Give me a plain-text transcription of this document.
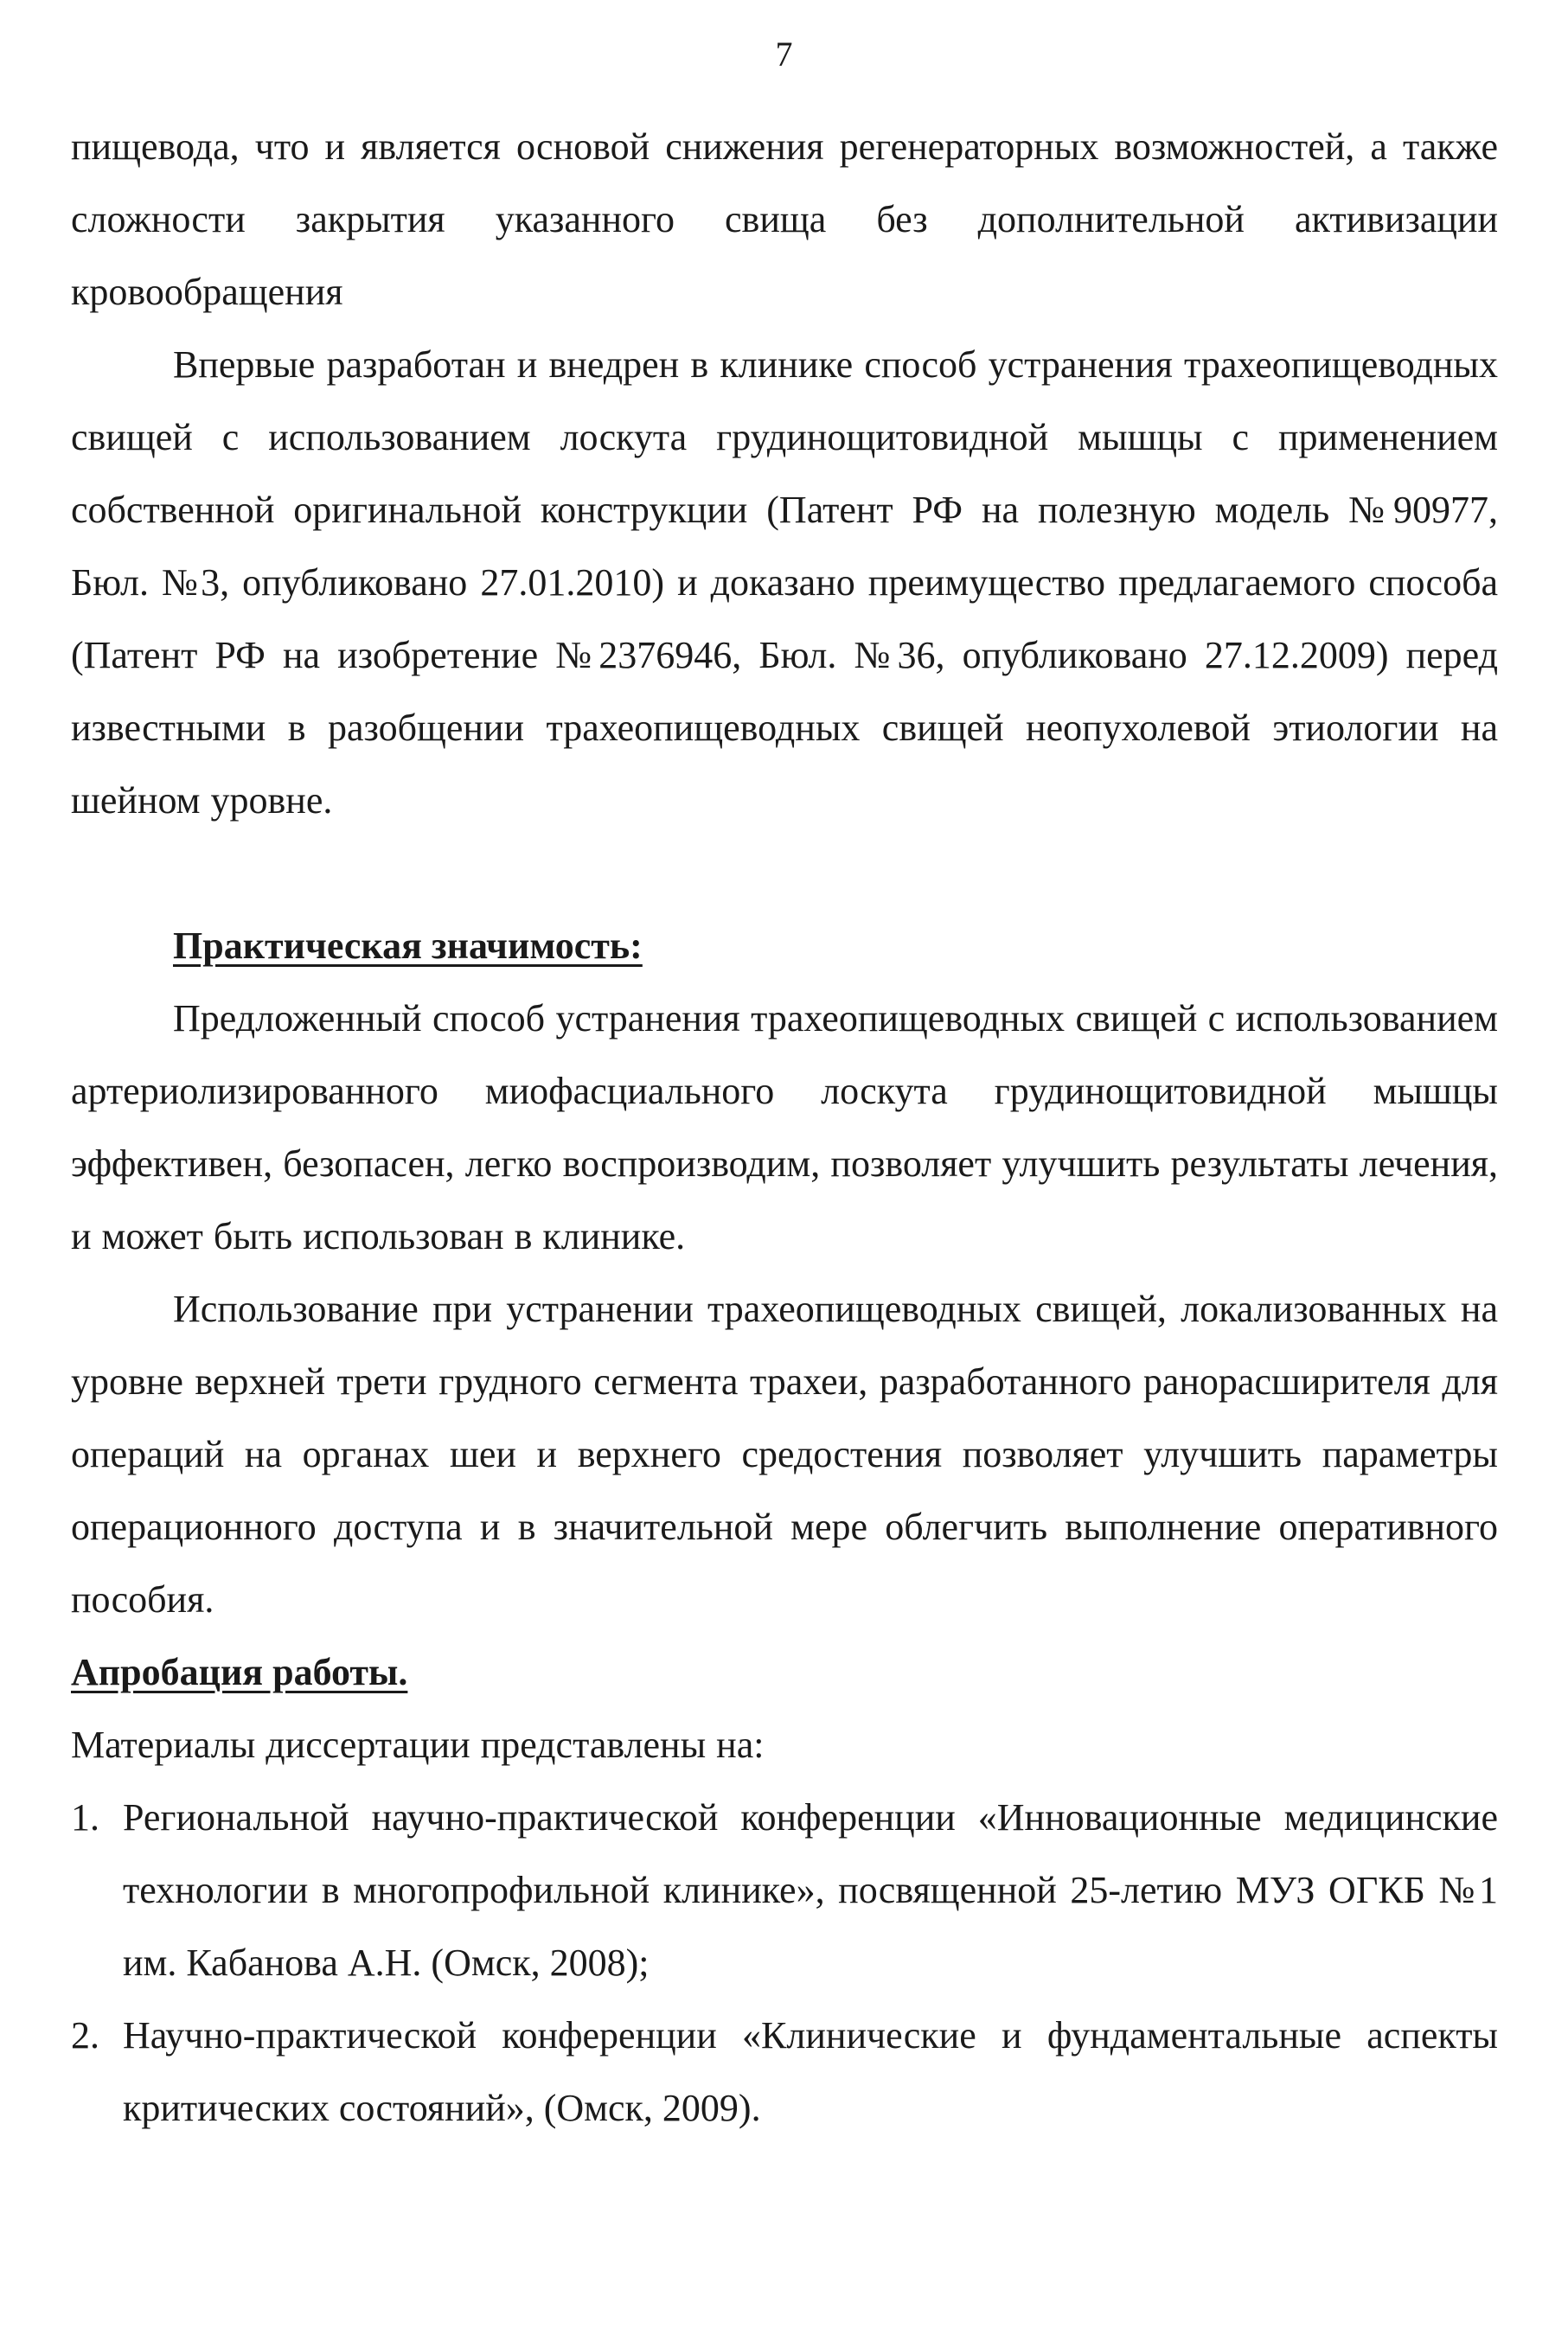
7

пищевода, что и является основой снижения регенераторных возможностей, а также сложности закрытия указанного свища без дополнительной активизации кровообращения

Впервые разработан и внедрен в клинике способ устранения трахеопищеводных свищей с использованием лоскута грудинощитовидной мышцы с применением собственной оригинальной конструкции (Патент РФ на полезную модель №90977, Бюл. №3, опубликовано 27.01.2010) и доказано преимущество предлагаемого способа (Патент РФ на изобретение №2376946, Бюл. №36, опубликовано 27.12.2009) перед известными в разобщении трахеопищеводных свищей неопухолевой этиологии на шейном уровне.

Практическая значимость:

Предложенный способ устранения трахеопищеводных свищей с использованием артериолизированного миофасциального лоскута грудинощитовидной мышцы эффективен, безопасен, легко воспроизводим, позволяет улучшить результаты лечения, и может быть использован в клинике.

Использование при устранении трахеопищеводных свищей, локализованных на уровне верхней трети грудного сегмента трахеи, разработанного ранорасширителя для операций на органах шеи и верхнего средостения позволяет улучшить параметры операционного доступа и в значительной мере облегчить выполнение оперативного пособия.

Апробация работы.

Материалы диссертации представлены на:

1. Региональной научно-практической конференции «Инновационные медицинские технологии в многопрофильной клинике», посвященной 25-летию МУЗ ОГКБ №1 им. Кабанова А.Н. (Омск, 2008);
2. Научно-практической конференции «Клинические и фундаментальные аспекты критических состояний», (Омск, 2009).
